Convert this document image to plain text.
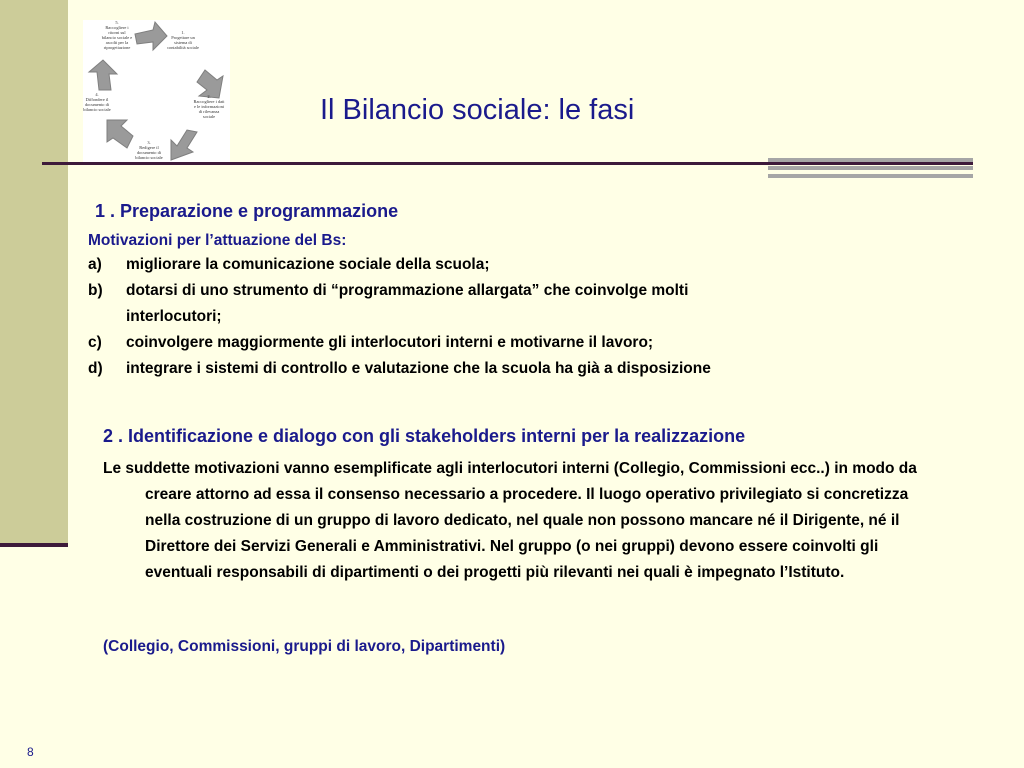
1. Progettare un sistema di contabilità sociale
2. Raccogliere i dati e le informazioni di rilevanza sociale
3. Redigere il documento di bilancio sociale
4. Diffondere il documento di bilancio sociale
5. Raccogliere i ritorni sul bilancio sociale e ascolti per la riprogettazione
Il Bilancio sociale: le fasi
1 . Preparazione e programmazione
Motivazioni per l’attuazione del Bs:
a) migliorare la comunicazione sociale della scuola;
b) dotarsi di uno strumento di “programmazione allargata” che coinvolge molti
interlocutori;
c) coinvolgere maggiormente gli interlocutori interni e motivarne il lavoro;
d) integrare i sistemi di controllo e valutazione che la scuola ha già a disposizione
2 . Identificazione e dialogo con gli stakeholders interni per la realizzazione

Le suddette motivazioni vanno esemplificate agli interlocutori interni (Collegio, Commissioni ecc..) in modo da creare attorno ad essa il consenso necessario a procedere. Il luogo operativo privilegiato si concretizza nella costruzione di un gruppo di lavoro dedicato, nel quale non possono mancare né il Dirigente, né il Direttore dei Servizi Generali e Amministrativi. Nel gruppo (o nei gruppi) devono essere coinvolti gli eventuali responsabili di dipartimenti o dei progetti più rilevanti nei quali è impegnato l’Istituto.

(Collegio, Commissioni, gruppi di lavoro, Dipartimenti)
8
